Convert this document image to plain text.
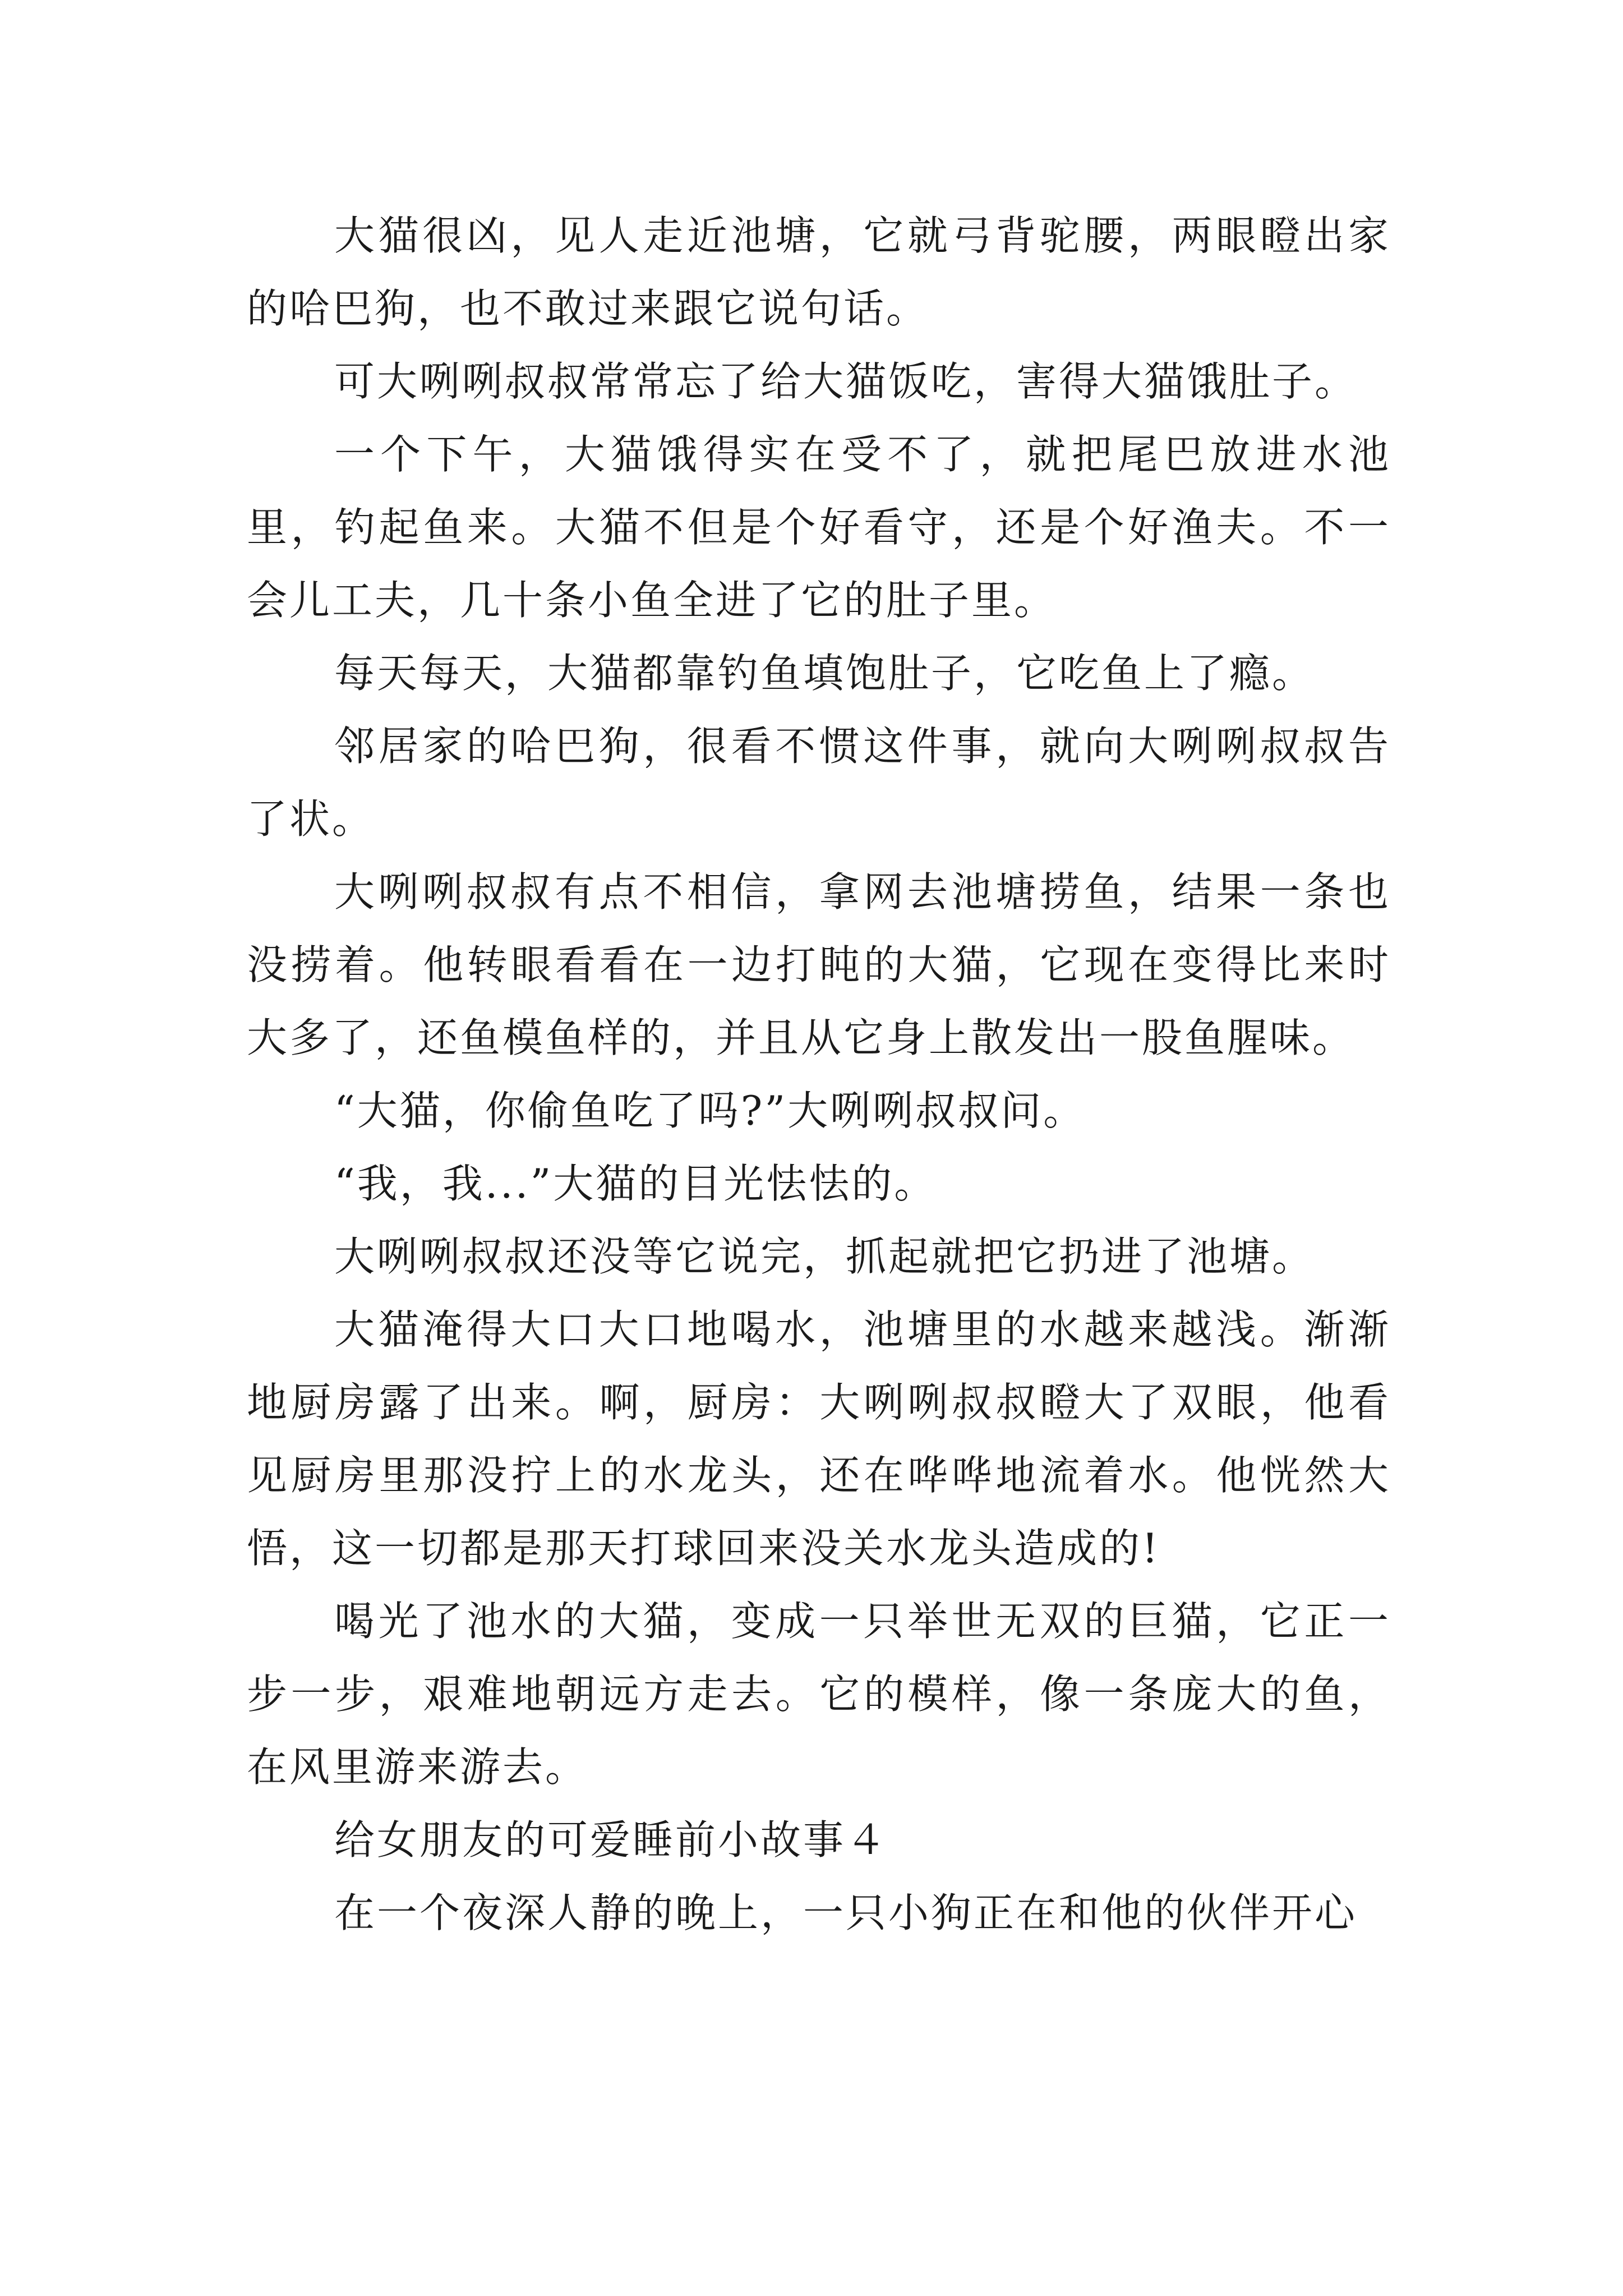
大猫很凶，见人走近池塘，它就弓背驼腰，两眼瞪出家的哈巴狗，也不敢过来跟它说句话。

可大咧咧叔叔常常忘了给大猫饭吃，害得大猫饿肚子。

一个下午，大猫饿得实在受不了，就把尾巴放进水池里，钓起鱼来。大猫不但是个好看守，还是个好渔夫。不一会儿工夫，几十条小鱼全进了它的肚子里。

每天每天，大猫都靠钓鱼填饱肚子，它吃鱼上了瘾。

邻居家的哈巴狗，很看不惯这件事，就向大咧咧叔叔告了状。

大咧咧叔叔有点不相信，拿网去池塘捞鱼，结果一条也没捞着。他转眼看看在一边打盹的大猫，它现在变得比来时大多了，还鱼模鱼样的，并且从它身上散发出一股鱼腥味。

“大猫，你偷鱼吃了吗?”大咧咧叔叔问。

“我，我...”大猫的目光怯怯的。

大咧咧叔叔还没等它说完，抓起就把它扔进了池塘。

大猫淹得大口大口地喝水，池塘里的水越来越浅。渐渐地厨房露了出来。啊，厨房：大咧咧叔叔瞪大了双眼，他看见厨房里那没拧上的水龙头，还在哗哗地流着水。他恍然大悟，这一切都是那天打球回来没关水龙头造成的!

喝光了池水的大猫，变成一只举世无双的巨猫，它正一步一步，艰难地朝远方走去。它的模样，像一条庞大的鱼，在风里游来游去。

给女朋友的可爱睡前小故事４

在一个夜深人静的晚上，一只小狗正在和他的伙伴开心
